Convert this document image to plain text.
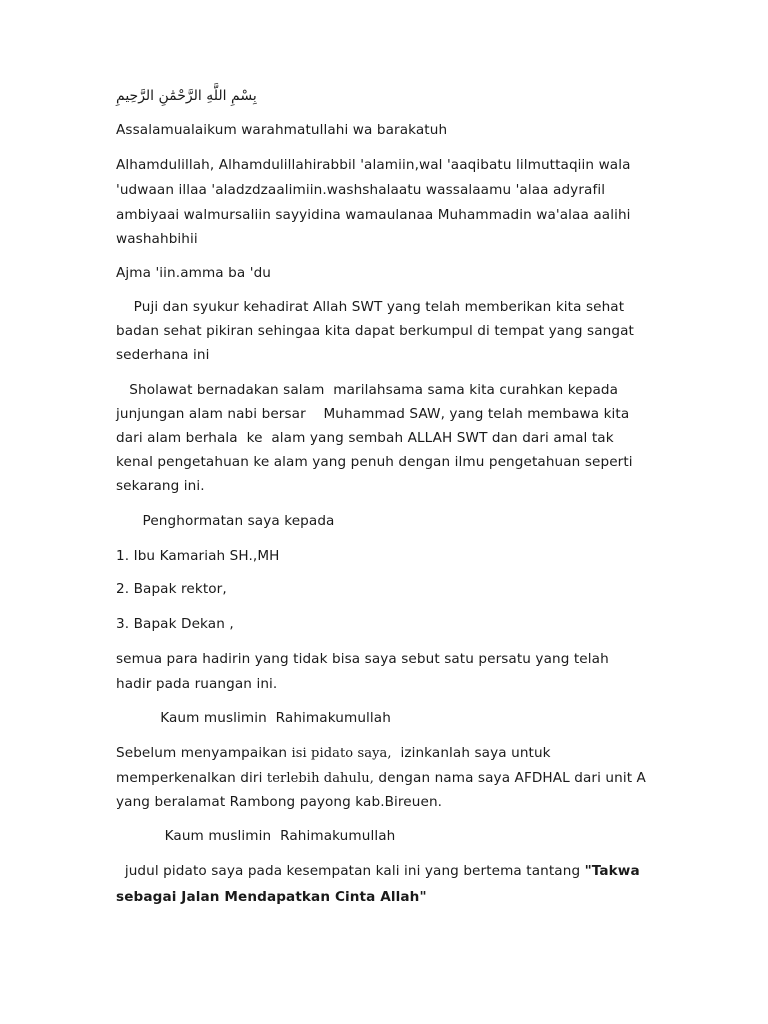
بِسْمِ اللَّهِ الرَّحْمَٰنِ الرَّحِيمِ

Assalamualaikum warahmatullahi wa barakatuh

Alhamdulillah, Alhamdulillahirabbil 'alamiin,wal 'aaqibatu lilmuttaqiin wala

'udwaan illaa 'aladzdzaalimiin.washshalaatu wassalaamu 'alaa adyrafil

ambiyaai walmursaliin sayyidina wamaulanaa Muhammadin wa'alaa aalihi

washahbihii

Ajma 'iin.amma ba 'du

Puji dan syukur kehadirat Allah SWT yang telah memberikan kita sehat

badan sehat pikiran sehingaa kita dapat berkumpul di tempat yang sangat

sederhana ini

Sholawat bernadakan salam  marilahsama sama kita curahkan kepada

junjungan alam nabi bersar    Muhammad SAW, yang telah membawa kita

dari alam berhala  ke  alam yang sembah ALLAH SWT dan dari amal tak

kenal pengetahuan ke alam yang penuh dengan ilmu pengetahuan seperti

sekarang ini.

Penghormatan saya kepada

1. Ibu Kamariah SH.,MH

2. Bapak rektor,

3. Bapak Dekan ,

semua para hadirin yang tidak bisa saya sebut satu persatu yang telah

hadir pada ruangan ini.

Kaum muslimin  Rahimakumullah

Sebelum menyampaikan isi pidato saya,  izinkanlah saya untuk

memperkenalkan diri terlebih dahulu, dengan nama saya AFDHAL dari unit A

yang beralamat Rambong payong kab.Bireuen.

Kaum muslimin  Rahimakumullah

judul pidato saya pada kesempatan kali ini yang bertema tantang "Takwa

sebagai Jalan Mendapatkan Cinta Allah"
